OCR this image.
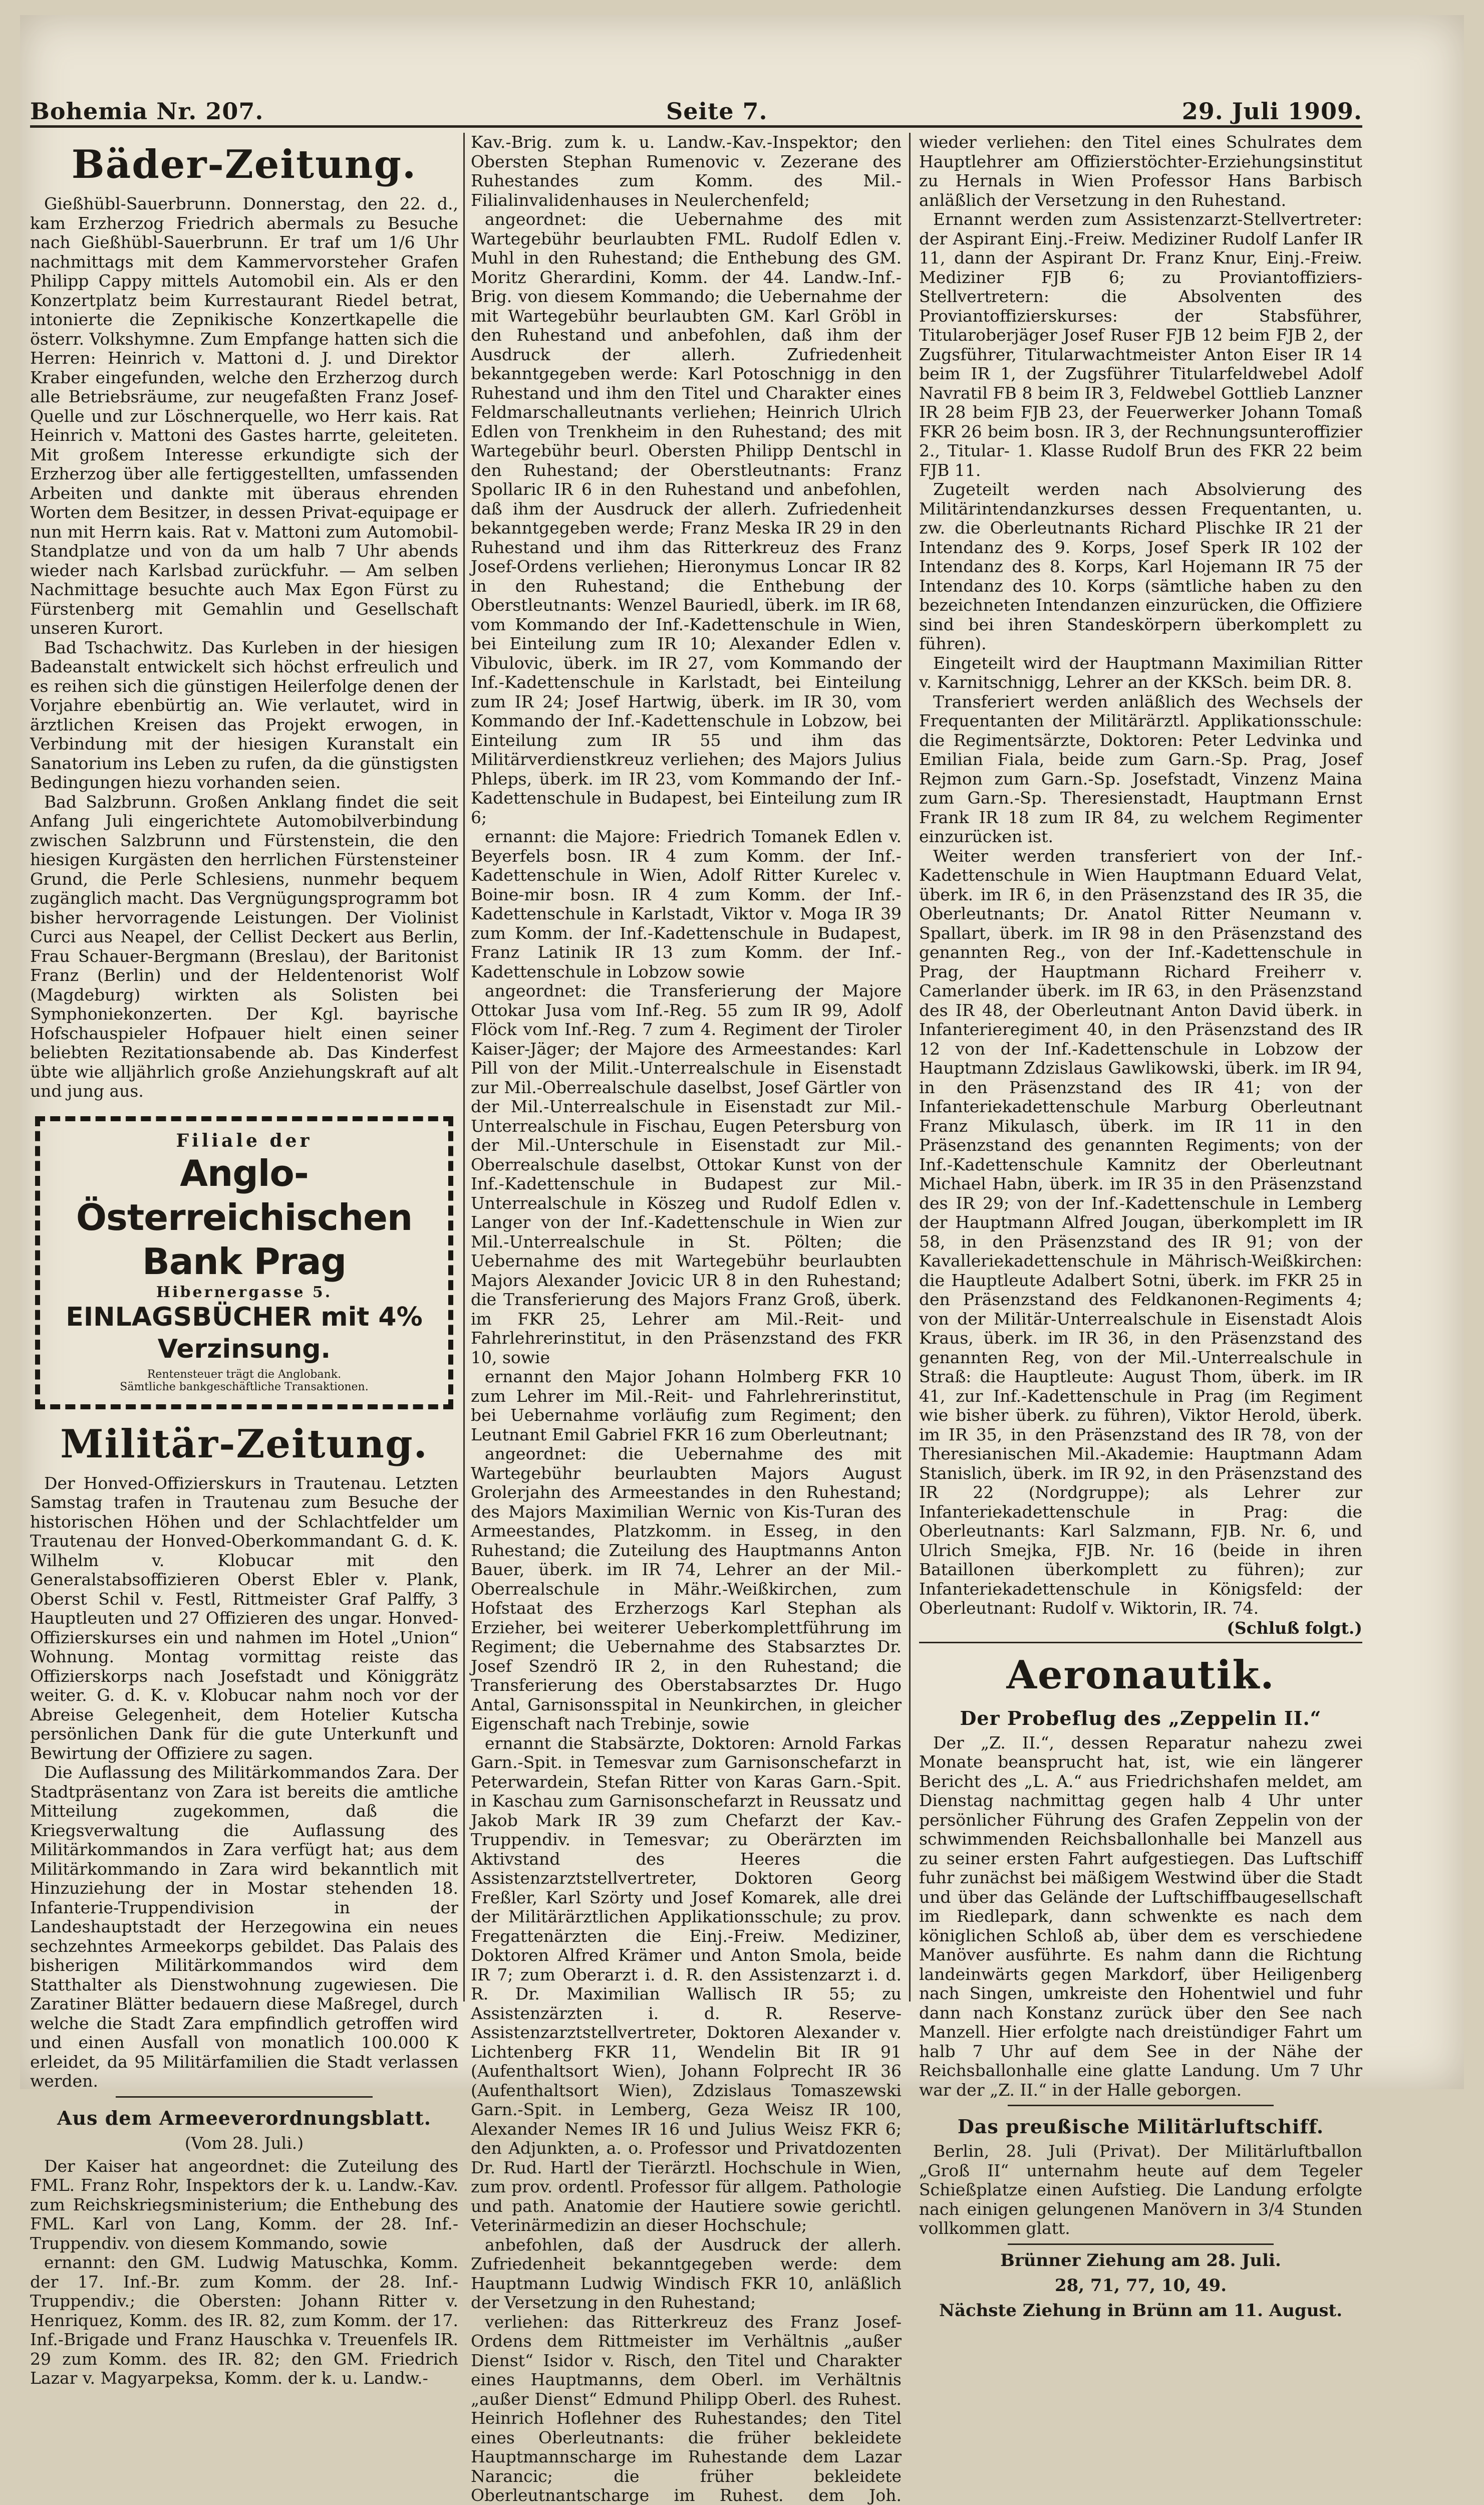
Bohemia Nr. 207.	Seite 7.	29. Juli 1909.
Bäder-Zeitung.

Gießhübl-Sauerbrunn. Donnerstag, den 22. d., kam Erzherzog Friedrich abermals zu Besuche nach Gießhübl-Sauerbrunn. Er traf um 1/6 Uhr nachmittags mit dem Kammervorsteher Grafen Philipp Cappy mittels Automobil ein. Als er den Konzertplatz beim Kurrestaurant Riedel betrat, intonierte die Zepnikische Konzertkapelle die österr. Volkshymne. Zum Empfange hatten sich die Herren: Heinrich v. Mattoni d. J. und Direktor Kraber eingefunden, welche den Erzherzog durch alle Betriebsräume, zur neugefaßten Franz Josef-Quelle und zur Löschnerquelle, wo Herr kais. Rat Heinrich v. Mattoni des Gastes harrte, geleiteten. Mit großem Interesse erkundigte sich der Erzherzog über alle fertiggestellten, umfassenden Arbeiten und dankte mit überaus ehrenden Worten dem Besitzer, in dessen Privat-equipage er nun mit Herrn kais. Rat v. Mattoni zum Automobil-Standplatze und von da um halb 7 Uhr abends wieder nach Karlsbad zurückfuhr. — Am selben Nachmittage besuchte auch Max Egon Fürst zu Fürstenberg mit Gemahlin und Gesellschaft unseren Kurort.

Bad Tschachwitz. Das Kurleben in der hiesigen Badeanstalt entwickelt sich höchst erfreulich und es reihen sich die günstigen Heilerfolge denen der Vorjahre ebenbürtig an. Wie verlautet, wird in ärztlichen Kreisen das Projekt erwogen, in Verbindung mit der hiesigen Kuranstalt ein Sanatorium ins Leben zu rufen, da die günstigsten Bedingungen hiezu vorhanden seien.

Bad Salzbrunn. Großen Anklang findet die seit Anfang Juli eingerichtete Automobilverbindung zwischen Salzbrunn und Fürstenstein, die den hiesigen Kurgästen den herrlichen Fürstensteiner Grund, die Perle Schlesiens, nunmehr bequem zugänglich macht. Das Vergnügungsprogramm bot bisher hervorragende Leistungen. Der Violinist Curci aus Neapel, der Cellist Deckert aus Berlin, Frau Schauer-Bergmann (Breslau), der Baritonist Franz (Berlin) und der Heldentenorist Wolf (Magdeburg) wirkten als Solisten bei Symphoniekonzerten. Der Kgl. bayrische Hofschauspieler Hofpauer hielt einen seiner beliebten Rezitationsabende ab. Das Kinderfest übte wie alljährlich große Anziehungskraft auf alt und jung aus.

Filiale der
Anglo-Österreichischen Bank Prag
Hibernergasse 5.
EINLAGSBÜCHER mit 4% Verzinsung.
Rentensteuer trägt die Anglobank.
Sämtliche bankgeschäftliche Transaktionen.
Militär-Zeitung.

Der Honved-Offizierskurs in Trautenau. Letzten Samstag trafen in Trautenau zum Besuche der historischen Höhen und der Schlachtfelder um Trautenau der Honved-Oberkommandant G. d. K. Wilhelm v. Klobucar mit den Generalstabsoffizieren Oberst Ebler v. Plank, Oberst Schil v. Festl, Rittmeister Graf Palffy, 3 Hauptleuten und 27 Offizieren des ungar. Honved-Offizierskurses ein und nahmen im Hotel „Union“ Wohnung. Montag vormittag reiste das Offizierskorps nach Josefstadt und Königgrätz weiter. G. d. K. v. Klobucar nahm noch vor der Abreise Gelegenheit, dem Hotelier Kutscha persönlichen Dank für die gute Unterkunft und Bewirtung der Offiziere zu sagen.

Die Auflassung des Militärkommandos Zara. Der Stadtpräsentanz von Zara ist bereits die amtliche Mitteilung zugekommen, daß die Kriegsverwaltung die Auflassung des Militärkommandos in Zara verfügt hat; aus dem Militärkommando in Zara wird bekanntlich mit Hinzuziehung der in Mostar stehenden 18. Infanterie-Truppendivision in der Landeshauptstadt der Herzegowina ein neues sechzehntes Armeekorps gebildet. Das Palais des bisherigen Militärkommandos wird dem Statthalter als Dienstwohnung zugewiesen. Die Zaratiner Blätter bedauern diese Maßregel, durch welche die Stadt Zara empfindlich getroffen wird und einen Ausfall von monatlich 100.000 K erleidet, da 95 Militärfamilien die Stadt verlassen werden.

Aus dem Armeeverordnungsblatt.
(Vom 28. Juli.)

Der Kaiser hat angeordnet: die Zuteilung des FML. Franz Rohr, Inspektors der k. u. Landw.-Kav. zum Reichskriegsministerium; die Enthebung des FML. Karl von Lang, Komm. der 28. Inf.-Truppendiv. von diesem Kommando, sowie

ernannt: den GM. Ludwig Matuschka, Komm. der 17. Inf.-Br. zum Komm. der 28. Inf.-Truppendiv.; die Obersten: Johann Ritter v. Henriquez, Komm. des IR. 82, zum Komm. der 17. Inf.-Brigade und Franz Hauschka v. Treuenfels IR. 29 zum Komm. des IR. 82; den GM. Friedrich Lazar v. Magyarpeksa, Komm. der k. u. Landw.-

Kav.-Brig. zum k. u. Landw.-Kav.-Inspektor; den Obersten Stephan Rumenovic v. Zezerane des Ruhestandes zum Komm. des Mil.-Filialinvalidenhauses in Neulerchenfeld;

angeordnet: die Uebernahme des mit Wartegebühr beurlaubten FML. Rudolf Edlen v. Muhl in den Ruhestand; die Enthebung des GM. Moritz Gherardini, Komm. der 44. Landw.-Inf.-Brig. von diesem Kommando; die Uebernahme der mit Wartegebühr beurlaubten GM. Karl Gröbl in den Ruhestand und anbefohlen, daß ihm der Ausdruck der allerh. Zufriedenheit bekanntgegeben werde: Karl Potoschnigg in den Ruhestand und ihm den Titel und Charakter eines Feldmarschalleutnants verliehen; Heinrich Ulrich Edlen von Trenkheim in den Ruhestand; des mit Wartegebühr beurl. Obersten Philipp Dentschl in den Ruhestand; der Oberstleutnants: Franz Spollaric IR 6 in den Ruhestand und anbefohlen, daß ihm der Ausdruck der allerh. Zufriedenheit bekanntgegeben werde; Franz Meska IR 29 in den Ruhestand und ihm das Ritterkreuz des Franz Josef-Ordens verliehen; Hieronymus Loncar IR 82 in den Ruhestand; die Enthebung der Oberstleutnants: Wenzel Bauriedl, überk. im IR 68, vom Kommando der Inf.-Kadettenschule in Wien, bei Einteilung zum IR 10; Alexander Edlen v. Vibulovic, überk. im IR 27, vom Kommando der Inf.-Kadettenschule in Karlstadt, bei Einteilung zum IR 24; Josef Hartwig, überk. im IR 30, vom Kommando der Inf.-Kadettenschule in Lobzow, bei Einteilung zum IR 55 und ihm das Militärverdienstkreuz verliehen; des Majors Julius Phleps, überk. im IR 23, vom Kommando der Inf.-Kadettenschule in Budapest, bei Einteilung zum IR 6;

ernannt: die Majore: Friedrich Tomanek Edlen v. Beyerfels bosn. IR 4 zum Komm. der Inf.-Kadettenschule in Wien, Adolf Ritter Kurelec v. Boine-mir bosn. IR 4 zum Komm. der Inf.-Kadettenschule in Karlstadt, Viktor v. Moga IR 39 zum Komm. der Inf.-Kadettenschule in Budapest, Franz Latinik IR 13 zum Komm. der Inf.-Kadettenschule in Lobzow sowie

angeordnet: die Transferierung der Majore Ottokar Jusa vom Inf.-Reg. 55 zum IR 99, Adolf Flöck vom Inf.-Reg. 7 zum 4. Regiment der Tiroler Kaiser-Jäger; der Majore des Armeestandes: Karl Pill von der Milit.-Unterrealschule in Eisenstadt zur Mil.-Oberrealschule daselbst, Josef Gärtler von der Mil.-Unterrealschule in Eisenstadt zur Mil.-Unterrealschule in Fischau, Eugen Petersburg von der Mil.-Unterschule in Eisenstadt zur Mil.-Oberrealschule daselbst, Ottokar Kunst von der Inf.-Kadettenschule in Budapest zur Mil.-Unterrealschule in Köszeg und Rudolf Edlen v. Langer von der Inf.-Kadettenschule in Wien zur Mil.-Unterrealschule in St. Pölten; die Uebernahme des mit Wartegebühr beurlaubten Majors Alexander Jovicic UR 8 in den Ruhestand; die Transferierung des Majors Franz Groß, überk. im FKR 25, Lehrer am Mil.-Reit- und Fahrlehrerinstitut, in den Präsenzstand des FKR 10, sowie

ernannt den Major Johann Holmberg FKR 10 zum Lehrer im Mil.-Reit- und Fahrlehrerinstitut, bei Uebernahme vorläufig zum Regiment; den Leutnant Emil Gabriel FKR 16 zum Oberleutnant;

angeordnet: die Uebernahme des mit Wartegebühr beurlaubten Majors August Grolerjahn des Armeestandes in den Ruhestand; des Majors Maximilian Wernic von Kis-Turan des Armeestandes, Platzkomm. in Esseg, in den Ruhestand; die Zuteilung des Hauptmanns Anton Bauer, überk. im IR 74, Lehrer an der Mil.-Oberrealschule in Mähr.-Weißkirchen, zum Hofstaat des Erzherzogs Karl Stephan als Erzieher, bei weiterer Ueberkomplettführung im Regiment; die Uebernahme des Stabsarztes Dr. Josef Szendrö IR 2, in den Ruhestand; die Transferierung des Oberstabsarztes Dr. Hugo Antal, Garnisonsspital in Neunkirchen, in gleicher Eigenschaft nach Trebinje, sowie

ernannt die Stabsärzte, Doktoren: Arnold Farkas Garn.-Spit. in Temesvar zum Garnisonschefarzt in Peterwardein, Stefan Ritter von Karas Garn.-Spit. in Kaschau zum Garnisonschefarzt in Reussatz und Jakob Mark IR 39 zum Chefarzt der Kav.-Truppendiv. in Temesvar; zu Oberärzten im Aktivstand des Heeres die Assistenzarztstellvertreter, Doktoren Georg Freßler, Karl Szörty und Josef Komarek, alle drei der Militärärztlichen Applikationsschule; zu prov. Fregattenärzten die Einj.-Freiw. Mediziner, Doktoren Alfred Krämer und Anton Smola, beide IR 7; zum Oberarzt i. d. R. den Assistenzarzt i. d. R. Dr. Maximilian Wallisch IR 55; zu Assistenzärzten i. d. R. Reserve-Assistenzarztstellvertreter, Doktoren Alexander v. Lichtenberg FKR 11, Wendelin Bit IR 91 (Aufenthaltsort Wien), Johann Folprecht IR 36 (Aufenthaltsort Wien), Zdzislaus Tomaszewski Garn.-Spit. in Lemberg, Geza Weisz IR 100, Alexander Nemes IR 16 und Julius Weisz FKR 6; den Adjunkten, a. o. Professor und Privatdozenten Dr. Rud. Hartl der Tierärztl. Hochschule in Wien, zum prov. ordentl. Professor für allgem. Pathologie und path. Anatomie der Hautiere sowie gerichtl. Veterinärmedizin an dieser Hochschule;

anbefohlen, daß der Ausdruck der allerh. Zufriedenheit bekanntgegeben werde: dem Hauptmann Ludwig Windisch FKR 10, anläßlich der Versetzung in den Ruhestand;

verliehen: das Ritterkreuz des Franz Josef-Ordens dem Rittmeister im Verhältnis „außer Dienst“ Isidor v. Risch, den Titel und Charakter eines Hauptmanns, dem Oberl. im Verhältnis „außer Dienst“ Edmund Philipp Oberl. des Ruhest. Heinrich Hoflehner des Ruhestandes; den Titel eines Oberleutnants: die früher bekleidete Hauptmannscharge im Ruhestande dem Lazar Narancic; die früher bekleidete Oberleutnantscharge im Ruhest. dem Joh.

wieder verliehen: den Titel eines Schulrates dem Hauptlehrer am Offizierstöchter-Erziehungsinstitut zu Hernals in Wien Professor Hans Barbisch anläßlich der Versetzung in den Ruhestand.

Ernannt werden zum Assistenzarzt-Stellvertreter: der Aspirant Einj.-Freiw. Mediziner Rudolf Lanfer IR 11, dann der Aspirant Dr. Franz Knur, Einj.-Freiw. Mediziner FJB 6; zu Proviantoffiziers-Stellvertretern: die Absolventen des Proviantoffizierskurses: der Stabsführer, Titularoberjäger Josef Ruser FJB 12 beim FJB 2, der Zugsführer, Titularwachtmeister Anton Eiser IR 14 beim IR 1, der Zugsführer Titularfeldwebel Adolf Navratil FB 8 beim IR 3, Feldwebel Gottlieb Lanzner IR 28 beim FJB 23, der Feuerwerker Johann Tomaß FKR 26 beim bosn. IR 3, der Rechnungsunteroffizier 2., Titular- 1. Klasse Rudolf Brun des FKR 22 beim FJB 11.

Zugeteilt werden nach Absolvierung des Militärintendanzkurses dessen Frequentanten, u. zw. die Oberleutnants Richard Plischke IR 21 der Intendanz des 9. Korps, Josef Sperk IR 102 der Intendanz des 8. Korps, Karl Hojemann IR 75 der Intendanz des 10. Korps (sämtliche haben zu den bezeichneten Intendanzen einzurücken, die Offiziere sind bei ihren Standeskörpern überkomplett zu führen).

Eingeteilt wird der Hauptmann Maximilian Ritter v. Karnitschnigg, Lehrer an der KKSch. beim DR. 8.

Transferiert werden anläßlich des Wechsels der Frequentanten der Militärärztl. Applikationsschule: die Regimentsärzte, Doktoren: Peter Ledvinka und Emilian Fiala, beide zum Garn.-Sp. Prag, Josef Rejmon zum Garn.-Sp. Josefstadt, Vinzenz Maina zum Garn.-Sp. Theresienstadt, Hauptmann Ernst Frank IR 18 zum IR 84, zu welchem Regimenter einzurücken ist.

Weiter werden transferiert von der Inf.-Kadettenschule in Wien Hauptmann Eduard Velat, überk. im IR 6, in den Präsenzstand des IR 35, die Oberleutnants; Dr. Anatol Ritter Neumann v. Spallart, überk. im IR 98 in den Präsenzstand des genannten Reg., von der Inf.-Kadettenschule in Prag, der Hauptmann Richard Freiherr v. Camerlander überk. im IR 63, in den Präsenzstand des IR 48, der Oberleutnant Anton David überk. in Infanterieregiment 40, in den Präsenzstand des IR 12 von der Inf.-Kadettenschule in Lobzow der Hauptmann Zdzislaus Gawlikowski, überk. im IR 94, in den Präsenzstand des IR 41; von der Infanteriekadettenschule Marburg Oberleutnant Franz Mikulasch, überk. im IR 11 in den Präsenzstand des genannten Regiments; von der Inf.-Kadettenschule Kamnitz der Oberleutnant Michael Habn, überk. im IR 35 in den Präsenzstand des IR 29; von der Inf.-Kadettenschule in Lemberg der Hauptmann Alfred Jougan, überkomplett im IR 58, in den Präsenzstand des IR 91; von der Kavalleriekadettenschule in Mährisch-Weißkirchen: die Hauptleute Adalbert Sotni, überk. im FKR 25 in den Präsenzstand des Feldkanonen-Regiments 4; von der Militär-Unterrealschule in Eisenstadt Alois Kraus, überk. im IR 36, in den Präsenzstand des genannten Reg, von der Mil.-Unterrealschule in Straß: die Hauptleute: August Thom, überk. im IR 41, zur Inf.-Kadettenschule in Prag (im Regiment wie bisher überk. zu führen), Viktor Herold, überk. im IR 35, in den Präsenzstand des IR 78, von der Theresianischen Mil.-Akademie: Hauptmann Adam Stanislich, überk. im IR 92, in den Präsenzstand des IR 22 (Nordgruppe); als Lehrer zur Infanteriekadettenschule in Prag: die Oberleutnants: Karl Salzmann, FJB. Nr. 6, und Ulrich Smejka, FJB. Nr. 16 (beide in ihren Bataillonen überkomplett zu führen); zur Infanteriekadettenschule in Königsfeld: der Oberleutnant: Rudolf v. Wiktorin, IR. 74.

(Schluß folgt.)
Aeronautik.
Der Probeflug des „Zeppelin II.“

Der „Z. II.“, dessen Reparatur nahezu zwei Monate beansprucht hat, ist, wie ein längerer Bericht des „L. A.“ aus Friedrichshafen meldet, am Dienstag nachmittag gegen halb 4 Uhr unter persönlicher Führung des Grafen Zeppelin von der schwimmenden Reichsballonhalle bei Manzell aus zu seiner ersten Fahrt aufgestiegen. Das Luftschiff fuhr zunächst bei mäßigem Westwind über die Stadt und über das Gelände der Luftschiffbaugesellschaft im Riedlepark, dann schwenkte es nach dem königlichen Schloß ab, über dem es verschiedene Manöver ausführte. Es nahm dann die Richtung landeinwärts gegen Markdorf, über Heiligenberg nach Singen, umkreiste den Hohentwiel und fuhr dann nach Konstanz zurück über den See nach Manzell. Hier erfolgte nach dreistündiger Fahrt um halb 7 Uhr auf dem See in der Nähe der Reichsballonhalle eine glatte Landung. Um 7 Uhr war der „Z. II.“ in der Halle geborgen.

Das preußische Militärluftschiff.

Berlin, 28. Juli (Privat). Der Militärluftballon „Groß II“ unternahm heute auf dem Tegeler Schießplatze einen Aufstieg. Die Landung erfolgte nach einigen gelungenen Manövern in 3/4 Stunden vollkommen glatt.

Brünner Ziehung am 28. Juli.
28, 71, 77, 10, 49.
Nächste Ziehung in Brünn am 11. August.
